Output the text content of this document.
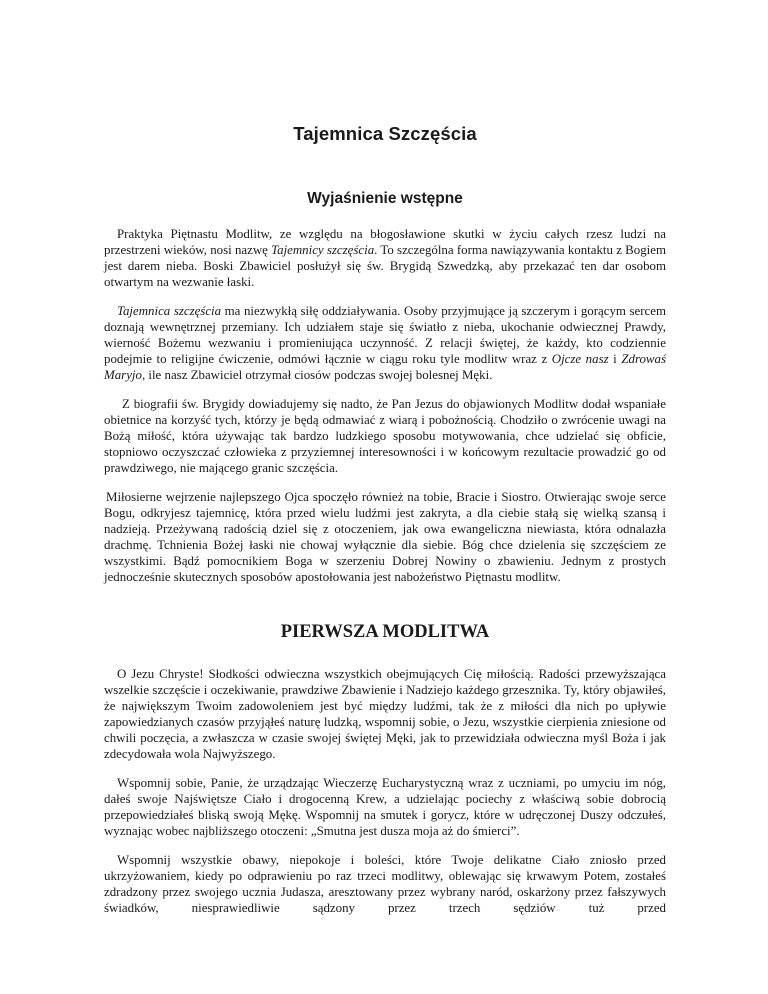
Tajemnica Szczęścia
Wyjaśnienie wstępne

Praktyka Piętnastu Modlitw, ze względu na błogosławione skutki w życiu całych rzesz ludzi na przestrzeni wieków, nosi nazwę Tajemnicy szczęścia. To szczególna forma nawiązywania kontaktu z Bogiem jest darem nieba. Boski Zbawiciel posłużył się św. Brygidą Szwedzką, aby przekazać ten dar osobom otwartym na wezwanie łaski.

Tajemnica szczęścia ma niezwykłą siłę oddziaływania. Osoby przyjmujące ją szczerym i gorącym sercem doznają wewnętrznej przemiany. Ich udziałem staje się światło z nieba, ukochanie odwiecznej Prawdy, wierność Bożemu wezwaniu i promieniująca uczynność. Z relacji świętej, że każdy, kto codziennie podejmie to religijne ćwiczenie, odmówi łącznie w ciągu roku tyle modlitw wraz z Ojcze nasz i Zdrowaś Maryjo, ile nasz Zbawiciel otrzymał ciosów podczas swojej bolesnej Męki.

Z biografii św. Brygidy dowiadujemy się nadto, że Pan Jezus do objawionych Modlitw dodał wspaniałe obietnice na korzyść tych, którzy je będą odmawiać z wiarą i pobożnością. Chodziło o zwrócenie uwagi na Bożą miłość, która używając tak bardzo ludzkiego sposobu motywowania, chce udzielać się obficie, stopniowo oczyszczać człowieka z przyziemnej interesowności i w końcowym rezultacie prowadzić go od prawdziwego, nie mającego granic szczęścia.

Miłosierne wejrzenie najlepszego Ojca spoczęło również na tobie, Bracie i Siostro. Otwierając swoje serce Bogu, odkryjesz tajemnicę, która przed wielu ludźmi jest zakryta, a dla ciebie stałą się wielką szansą i nadzieją. Przeżywaną radością dziel się z otoczeniem, jak owa ewangeliczna niewiasta, która odnalazła drachmę. Tchnienia Bożej łaski nie chowaj wyłącznie dla siebie. Bóg chce dzielenia się szczęściem ze wszystkimi. Bądź pomocnikiem Boga w szerzeniu Dobrej Nowiny o zbawieniu. Jednym z prostych jednocześnie skutecznych sposobów apostołowania jest nabożeństwo Piętnastu modlitw.

PIERWSZA MODLITWA

O Jezu Chryste! Słodkości odwieczna wszystkich obejmujących Cię miłością. Radości przewyższająca wszelkie szczęście i oczekiwanie, prawdziwe Zbawienie i Nadziejo każdego grzesznika. Ty, który objawiłeś, że największym Twoim zadowoleniem jest być między ludźmi, tak że z miłości dla nich po upływie zapowiedzianych czasów przyjąłeś naturę ludzką, wspomnij sobie, o Jezu, wszystkie cierpienia zniesione od chwili poczęcia, a zwłaszcza w czasie swojej świętej Męki, jak to przewidziała odwieczna myśl Boża i jak zdecydowała wola Najwyższego.

Wspomnij sobie, Panie, że urządzając Wieczerzę Eucharystyczną wraz z uczniami, po umyciu im nóg, dałeś swoje Najświętsze Ciało i drogocenną Krew, a udzielając pociechy z właściwą sobie dobrocią przepowiedziałeś bliską swoją Mękę. Wspomnij na smutek i gorycz, które w udręczonej Duszy odczułeś, wyznając wobec najbliższego otoczeni: „Smutna jest dusza moja aż do śmierci”.

Wspomnij wszystkie obawy, niepokoje i boleści, które Twoje delikatne Ciało zniosło przed ukrzyżowaniem, kiedy po odprawieniu po raz trzeci modlitwy, oblewając się krwawym Potem, zostałeś zdradzony przez swojego ucznia Judasza, aresztowany przez wybrany naród, oskarżony przez fałszywych świadków, niesprawiedliwie sądzony przez trzech sędziów tuż przed
